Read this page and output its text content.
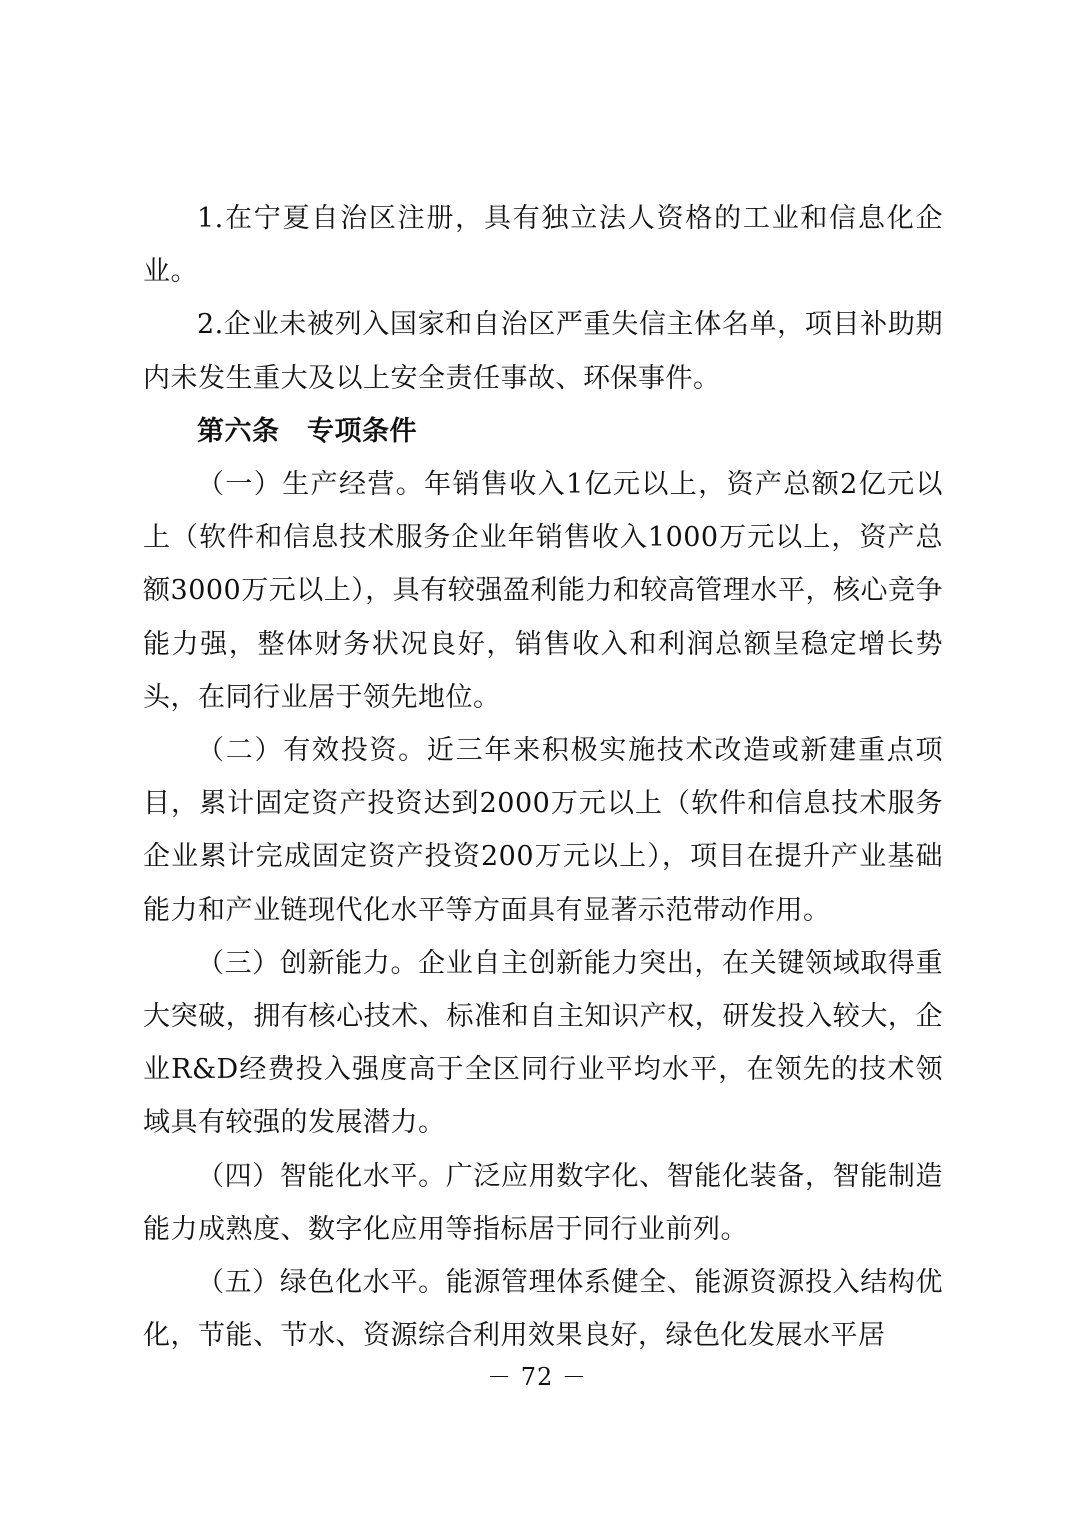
1.在宁夏自治区注册，具有独立法人资格的工业和信息化企业。

2.企业未被列入国家和自治区严重失信主体名单，项目补助期内未发生重大及以上安全责任事故、环保事件。

第六条　专项条件

（一）生产经营。年销售收入1亿元以上，资产总额2亿元以上（软件和信息技术服务企业年销售收入1000万元以上，资产总额3000万元以上），具有较强盈利能力和较高管理水平，核心竞争能力强，整体财务状况良好，销售收入和利润总额呈稳定增长势头，在同行业居于领先地位。

（二）有效投资。近三年来积极实施技术改造或新建重点项目，累计固定资产投资达到2000万元以上（软件和信息技术服务企业累计完成固定资产投资200万元以上），项目在提升产业基础能力和产业链现代化水平等方面具有显著示范带动作用。

（三）创新能力。企业自主创新能力突出，在关键领域取得重大突破，拥有核心技术、标准和自主知识产权，研发投入较大，企业R&D经费投入强度高于全区同行业平均水平，在领先的技术领域具有较强的发展潜力。

（四）智能化水平。广泛应用数字化、智能化装备，智能制造能力成熟度、数字化应用等指标居于同行业前列。

（五）绿色化水平。能源管理体系健全、能源资源投入结构优化，节能、节水、资源综合利用效果良好，绿色化发展水平居

－ 72 －
